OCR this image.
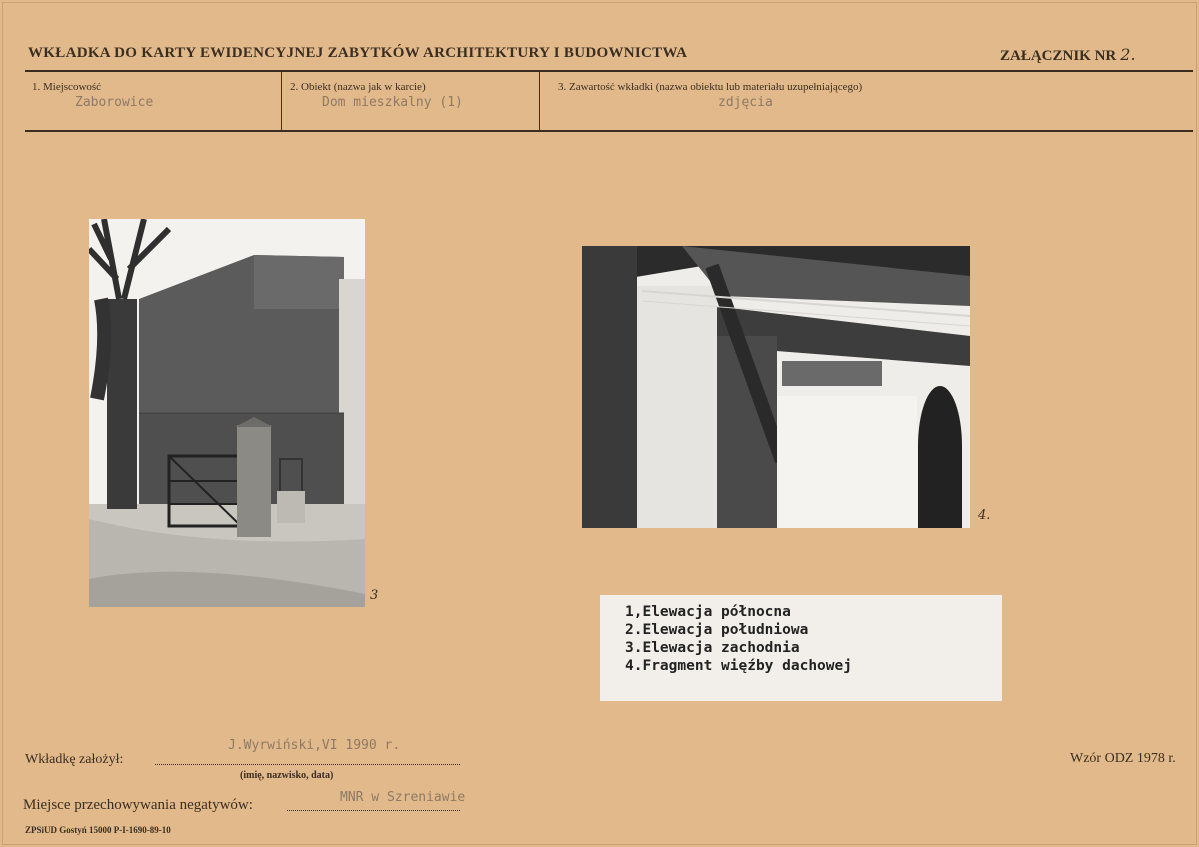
WKŁADKA DO KARTY EWIDENCYJNEJ ZABYTKÓW ARCHITEKTURY I BUDOWNICTWA	ZAŁĄCZNIK NR 2.
1. Miejscowość
Zaborowice
2. Obiekt (nazwa jak w karcie)
Dom mieszkalny (1)
3. Zawartość wkładki (nazwa obiektu lub materiału uzupełniającego)
zdjęcia
3
4.
1,Elewacja północna
2.Elewacja południowa
3.Elewacja zachodnia
4.Fragment więźby dachowej
Wkładkę założył:
J.Wyrwiński,VI 1990 r.
(imię, nazwisko, data)
Wzór ODZ 1978 r.
Miejsce przechowywania negatywów:	MNR w Szreniawie
ZPSiUD Gostyń 15000 P-I-1690-89-10
